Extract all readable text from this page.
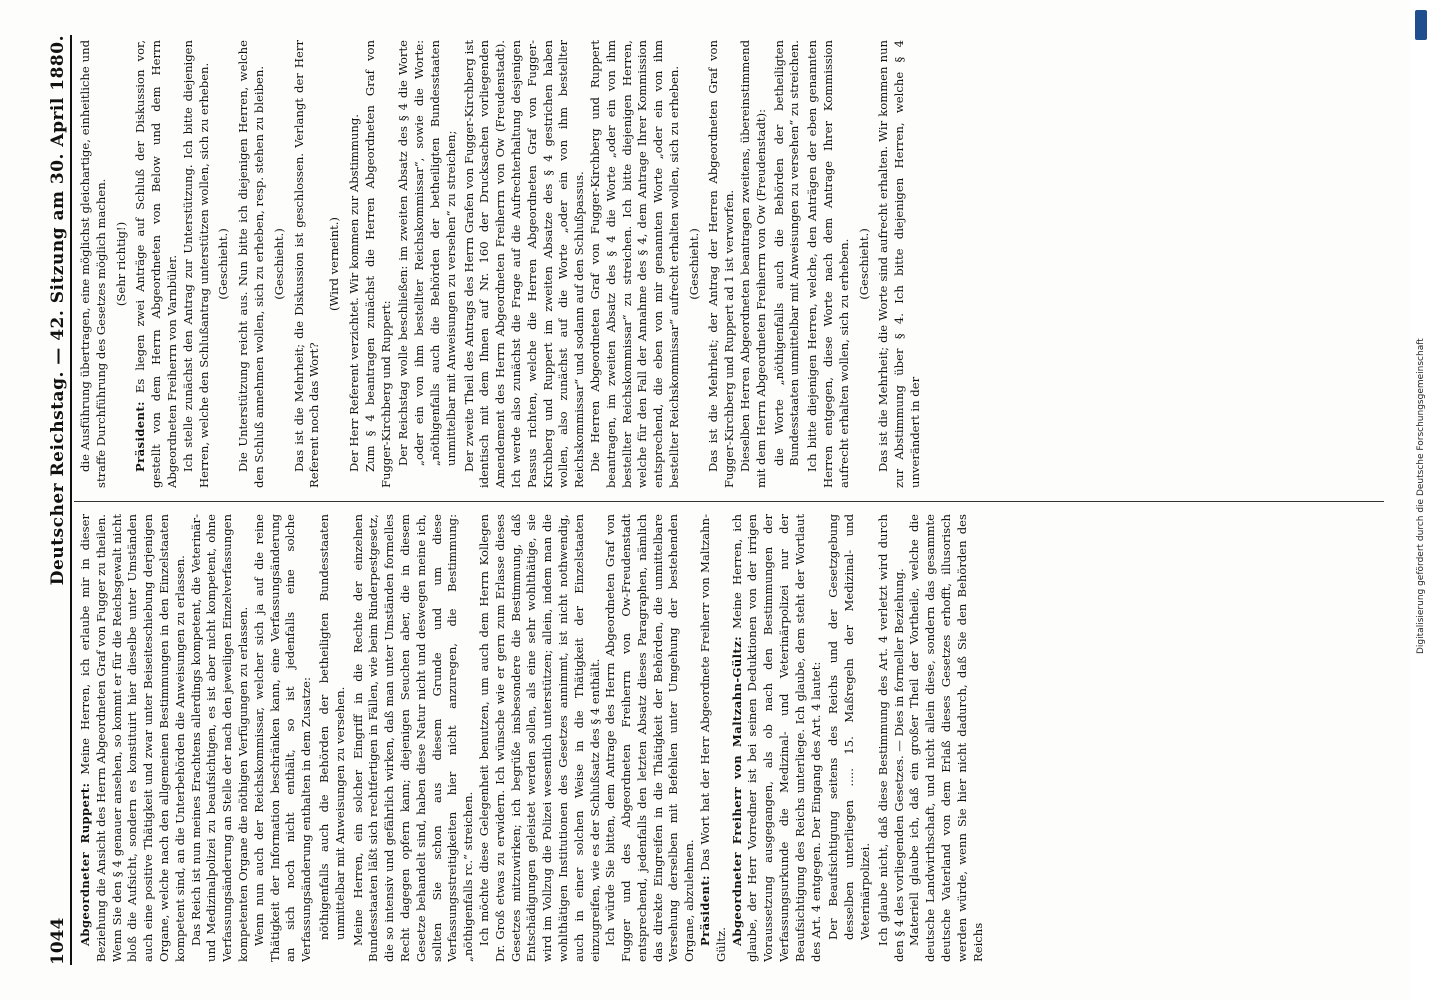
1044
Deutscher Reichstag. — 42. Sitzung am 30. April 1880.

Abgeordneter Ruppert: Meine Herren, ich erlaube mir in dieser Beziehung die Ansicht des Herrn Abgeordneten Graf von Fugger zu theilen. Wenn Sie den § 4 genauer ansehen, so kommt er für die Reichsgewalt nicht bloß die Aufsicht, sondern es konstituirt hier dieselbe unter Umständen auch eine positive Thätigkeit und zwar unter Beiseiteschiebung derjenigen Organe, welche nach den allgemeinen Bestimmungen in den Einzelstaaten kompetent sind, an die Unterbehörden die Anweisungen zu erlassen. Das Reich ist nun meines Erachtens allerdings kompetent, die Veterinär- und Medizinalpolizei zu beaufsichtigen, es ist aber nicht kompetent, ohne Verfassungsänderung an Stelle der nach den jeweiligen Einzelverfassungen kompetenten Organe die nöthigen Verfügungen zu erlassen. Wenn nun auch der Reichskommissar, welcher sich ja auf die reine Thätigkeit der Information beschränken kann, eine Verfassungsänderung an sich noch nicht enthält, so ist jedenfalls eine solche Verfassungsänderung enthalten in dem Zusatze: nöthigenfalls auch die Behörden der betheiligten Bundesstaaten unmittelbar mit Anweisungen zu versehen. Meine Herren, ein solcher Eingriff in die Rechte der einzelnen Bundesstaaten läßt sich rechtfertigen in Fällen, wie beim Rinderpestgesetz, die so intensiv und gefährlich wirken, daß man unter Umständen formelles Recht dagegen opfern kann; diejenigen Seuchen aber, die in diesem Gesetze behandelt sind, haben diese Natur nicht und deswegen meine ich, sollten Sie schon aus diesem Grunde und um diese Verfassungsstreitigkeiten hier nicht anzuregen, die Bestimmung: „nöthigenfalls rc.“ streichen. Ich möchte diese Gelegenheit benutzen, um auch dem Herrn Kollegen Dr. Groß etwas zu erwidern. Ich wünsche wie er gern zum Erlasse dieses Gesetzes mitzuwirken; ich begrüße insbesondere die Bestimmung, daß Entschädigungen geleistet werden sollen, als eine sehr wohlthätige, sie wird im Vollzug die Polizei wesentlich unterstützen; allein, indem man die wohlthätigen Institutionen des Gesetzes annimmt, ist nicht nothwendig, auch in einer solchen Weise in die Thätigkeit der Einzelstaaten einzugreifen, wie es der Schlußsatz des § 4 enthält. Ich würde Sie bitten, dem Antrage des Herrn Abgeordneten Graf von Fugger und des Abgeordneten Freiherrn von Ow-Freudenstadt entsprechend, jedenfalls den letzten Absatz dieses Paragraphen, nämlich das direkte Eingreifen in die Thätigkeit der Behörden, die unmittelbare Versehung derselben mit Befehlen unter Umgehung der bestehenden Organe, abzulehnen. Präsident: Das Wort hat der Herr Abgeordnete Freiherr von Maltzahn-Gültz. Abgeordneter Freiherr von Maltzahn-Gültz: Meine Herren, ich glaube, der Herr Vorredner ist bei seinen Deduktionen von der irrigen Voraussetzung ausgegangen, als ob nach den Bestimmungen der Verfassungsurkunde die Medizinal- und Veterinärpolizei nur der Beaufsichtigung des Reichs unterliege. Ich glaube, dem steht der Wortlaut des Art. 4 entgegen. Der Eingang des Art. 4 lautet: Der Beaufsichtigung seitens des Reichs und der Gesetzgebung desselben unterliegen ..... 15. Maßregeln der Medizinal- und Veterinärpolizei. Ich glaube nicht, daß diese Bestimmung des Art. 4 verletzt wird durch den § 4 des vorliegenden Gesetzes. — Dies in formeller Beziehung. Materiell glaube ich, daß ein großer Theil der Vortheile, welche die deutsche Landwirthschaft, und nicht allein diese, sondern das gesammte deutsche Vaterland von dem Erlaß dieses Gesetzes erhofft, illusorisch werden würde, wenn Sie hier nicht dadurch, daß Sie den Behörden des Reichs

die Ausführung übertragen, eine möglichst gleichartige, einheitliche und straffe Durchführung des Gesetzes möglich machen. (Sehr richtig!)

Präsident: Es liegen zwei Anträge auf Schluß der Diskussion vor, gestellt von dem Herrn Abgeordneten von Below und dem Herrn Abgeordneten Freiherrn von Varnbüler. Ich stelle zunächst den Antrag zur Unterstützung. Ich bitte diejenigen Herren, welche den Schlußantrag unterstützen wollen, sich zu erheben. (Geschieht.) Die Unterstützung reicht aus. Nun bitte ich diejenigen Herren, welche den Schluß annehmen wollen, sich zu erheben, resp. stehen zu bleiben. (Geschieht.) Das ist die Mehrheit; die Diskussion ist geschlossen. Verlangt der Herr Referent noch das Wort?

(Wird verneint.) Der Herr Referent verzichtet. Wir kommen zur Abstimmung. Zum § 4 beantragen zunächst die Herren Abgeordneten Graf von Fugger-Kirchberg und Ruppert: Der Reichstag wolle beschließen: im zweiten Absatz des § 4 die Worte „oder ein von ihm bestellter Reichskommissar“, sowie die Worte: „nöthigenfalls auch die Behörden der betheiligten Bundesstaaten unmittelbar mit Anweisungen zu versehen“ zu streichen; Der zweite Theil des Antrags des Herrn Grafen von Fugger-Kirchberg ist identisch mit dem Ihnen auf Nr. 160 der Drucksachen vorliegenden Amendement des Herrn Abgeordneten Freiherrn von Ow (Freudenstadt). Ich werde also zunächst die Frage auf die Aufrechterhaltung desjenigen Passus richten, welche die Herren Abgeordneten Graf von Fugger-Kirchberg und Ruppert im zweiten Absatze des § 4 gestrichen haben wollen, also zunächst auf die Worte „oder ein von ihm bestellter Reichskommissar“ und sodann auf den Schlußpassus. Die Herren Abgeordneten Graf von Fugger-Kirchberg und Ruppert beantragen, im zweiten Absatz des § 4 die Worte „oder ein von ihm bestellter Reichskommissar“ zu streichen. Ich bitte diejenigen Herren, welche für den Fall der Annahme des § 4, dem Antrage Ihrer Kommission entsprechend, die eben von mir genannten Worte „oder ein von ihm bestellter Reichskommissar“ aufrecht erhalten wollen, sich zu erheben. (Geschieht.) Das ist die Mehrheit; der Antrag der Herren Abgeordneten Graf von Fugger-Kirchberg und Ruppert ad 1 ist verworfen. Dieselben Herren Abgeordneten beantragen zweitens, übereinstimmend mit dem Herrn Abgeordneten Freiherrn von Ow (Freudenstadt): die Worte „nöthigenfalls auch die Behörden der betheiligten Bundesstaaten unmittelbar mit Anweisungen zu versehen“ zu streichen. Ich bitte diejenigen Herren, welche, den Anträgen der eben genannten Herren entgegen, diese Worte nach dem Antrage Ihrer Kommission aufrecht erhalten wollen, sich zu erheben. (Geschieht.) Das ist die Mehrheit; die Worte sind aufrecht erhalten. Wir kommen nun zur Abstimmung über § 4. Ich bitte diejenigen Herren, welche § 4 unverändert in der	Digitalisierung gefördert durch die Deutsche Forschungsgemeinschaft
